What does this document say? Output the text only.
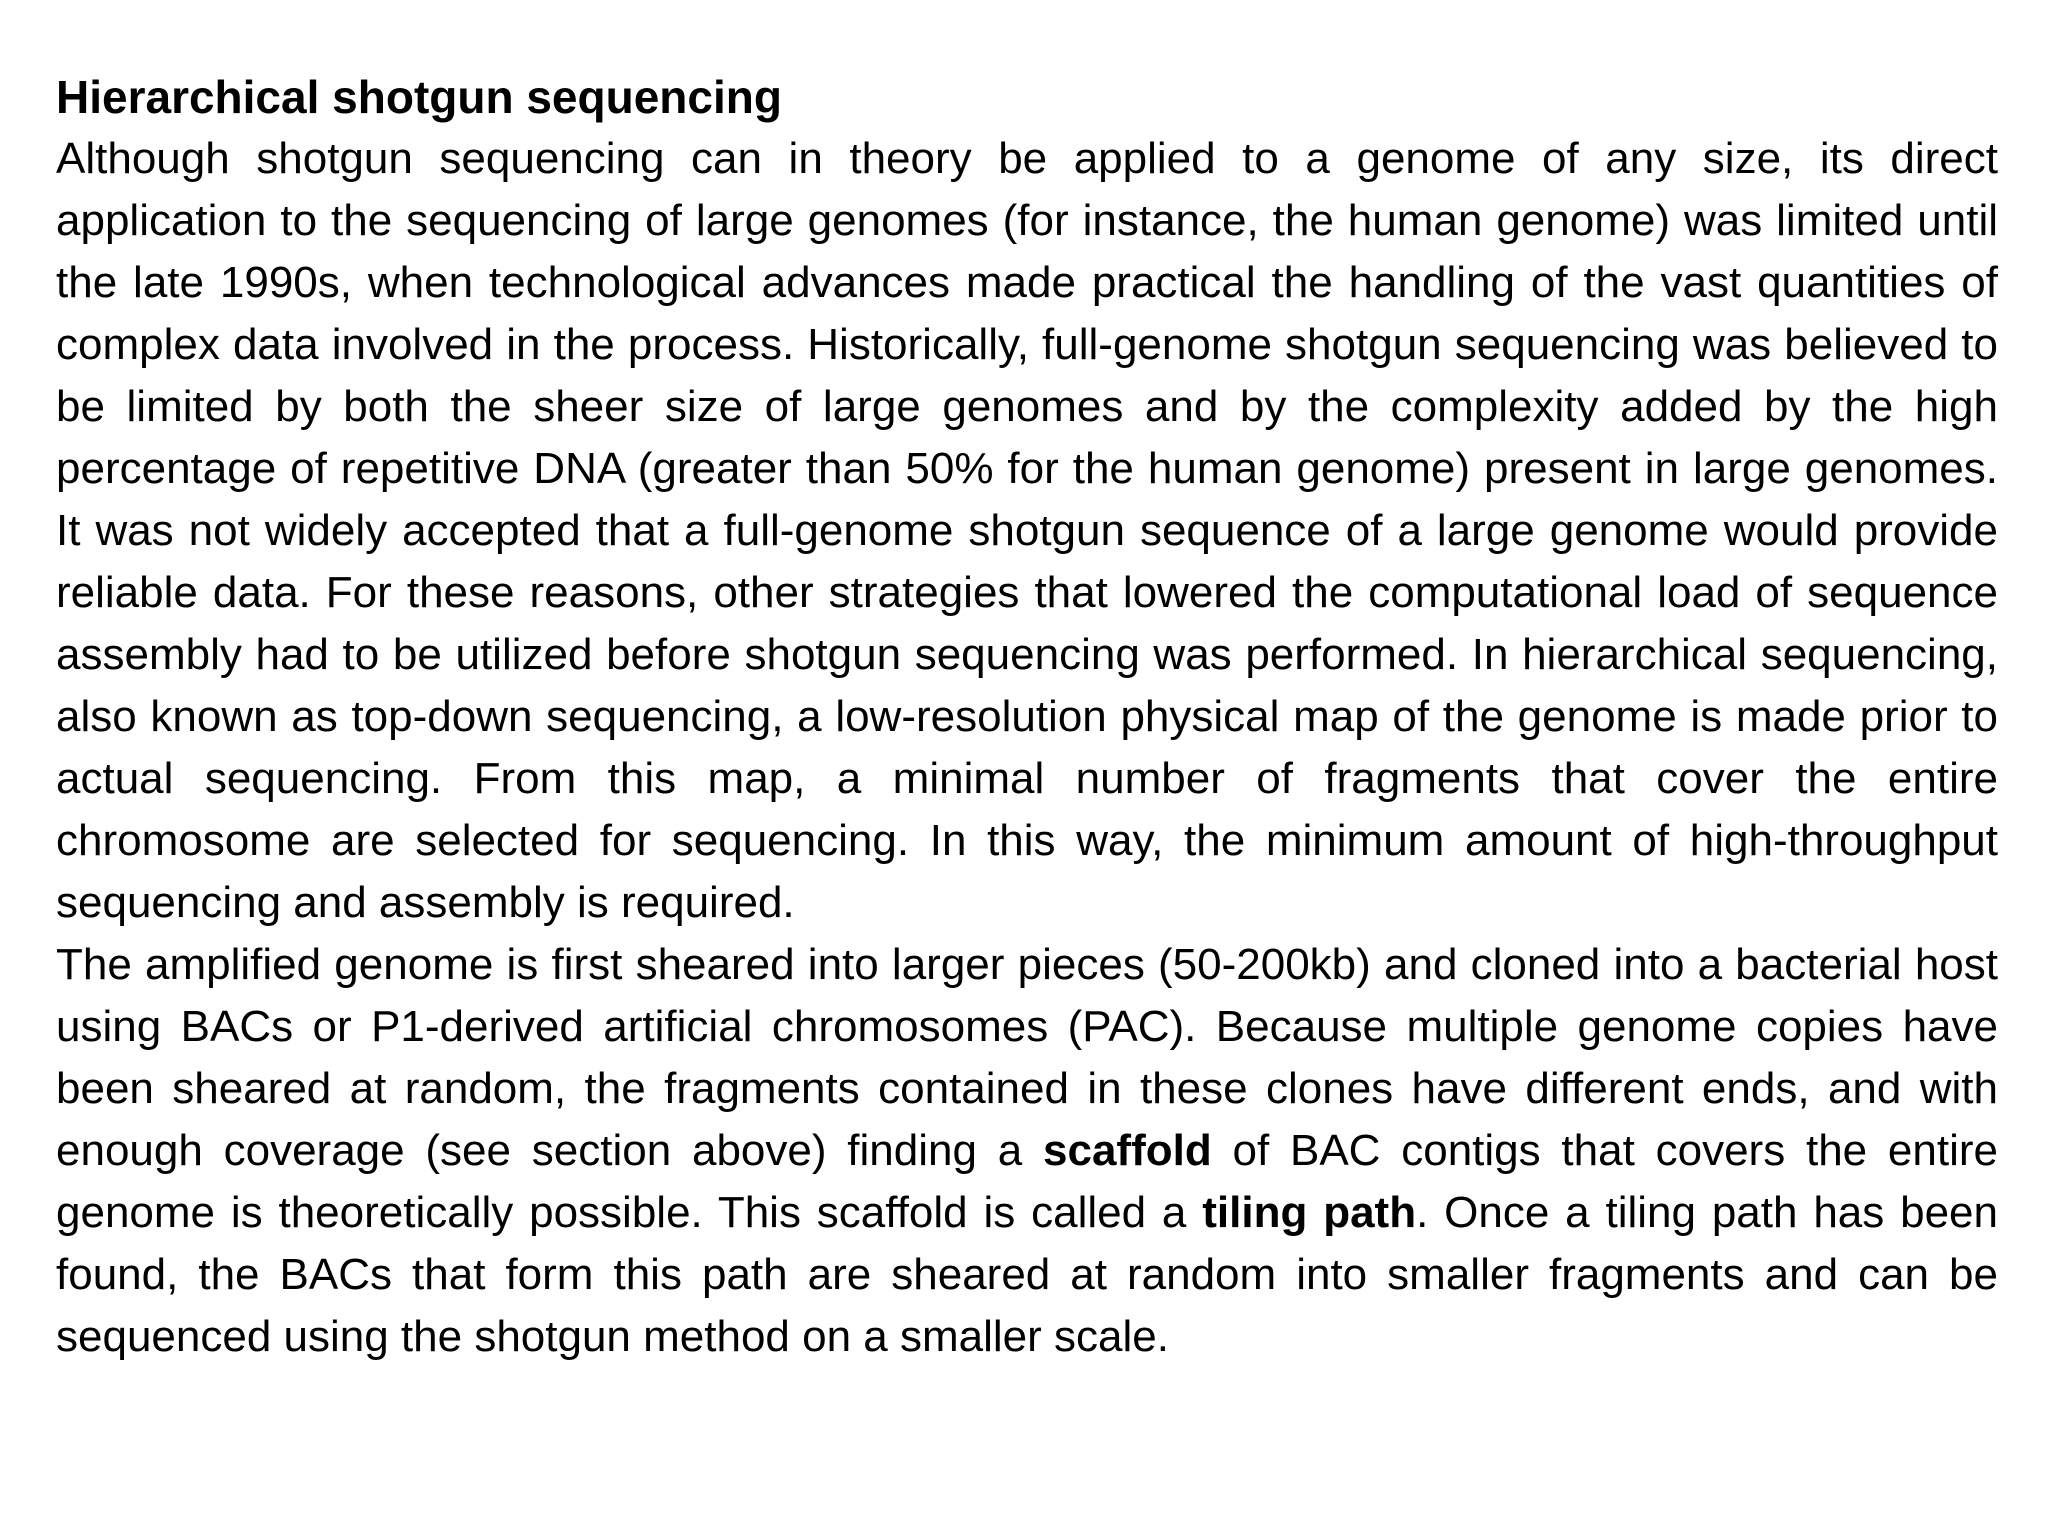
Hierarchical shotgun sequencing

Although shotgun sequencing can in theory be applied to a genome of any size, its direct application to the sequencing of large genomes (for instance, the human genome) was limited until the late 1990s, when technological advances made practical the handling of the vast quantities of complex data involved in the process. Historically, full-genome shotgun sequencing was believed to be limited by both the sheer size of large genomes and by the complexity added by the high percentage of repetitive DNA (greater than 50% for the human genome) present in large genomes. It was not widely accepted that a full-genome shotgun sequence of a large genome would provide reliable data. For these reasons, other strategies that lowered the computational load of sequence assembly had to be utilized before shotgun sequencing was performed. In hierarchical sequencing, also known as top-down sequencing, a low-resolution physical map of the genome is made prior to actual sequencing. From this map, a minimal number of fragments that cover the entire chromosome are selected for sequencing. In this way, the minimum amount of high-throughput sequencing and assembly is required.

The amplified genome is first sheared into larger pieces (50-200kb) and cloned into a bacterial host using BACs or P1-derived artificial chromosomes (PAC). Because multiple genome copies have been sheared at random, the fragments contained in these clones have different ends, and with enough coverage (see section above) finding a scaffold of BAC contigs that covers the entire genome is theoretically possible. This scaffold is called a tiling path. Once a tiling path has been found, the BACs that form this path are sheared at random into smaller fragments and can be sequenced using the shotgun method on a smaller scale.
